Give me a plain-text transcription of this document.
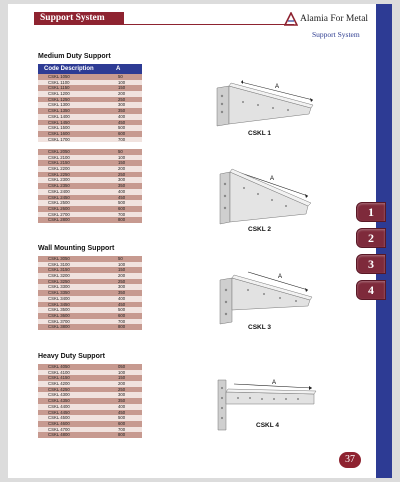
Support System	Alamia For Metal
Support System
1
2
3
4
37
Medium Duty Support
Code Description	A
CSKL 1050	50
CSKL 1100	100
CSKL 1150	150
CSKL 1200	200
CSKL 1250	250
CSKL 1300	300
CSKL 1350	350
CSKL 1400	400
CSKL 1450	450
CSKL 1500	500
CSKL 1600	600
CSKL 1700	700
CSKL 2050	50
CSKL 2100	100
CSKL 2150	150
CSKL 2200	200
CSKL 2250	250
CSKL 2300	300
CSKL 2350	350
CSKL 2400	400
CSKL 2450	450
CSKL 2500	500
CSKL 2600	600
CSKL 2700	700
CSKL 2800	800
Wall Mounting Support
CSKL 3050	50
CSKL 3100	100
CSKL 3150	150
CSKL 3200	200
CSKL 3250	250
CSKL 3300	300
CSKL 3350	350
CSKL 3400	400
CSKL 3450	450
CSKL 3500	500
CSKL 3600	600
CSKL 3700	700
CSKL 3800	800
Heavy Duty Support
CSKL 4050	050
CSKL 4100	100
CSKL 4150	150
CSKL 4200	200
CSKL 4250	250
CSKL 4300	300
CSKL 4350	350
CSKL 4400	400
CSKL 4450	450
CSKL 4500	500
CSKL 4600	600
CSKL 4700	700
CSKL 4800	800
A
CSKL 1
A
CSKL 2
A
CSKL 3
A
CSKL 4
